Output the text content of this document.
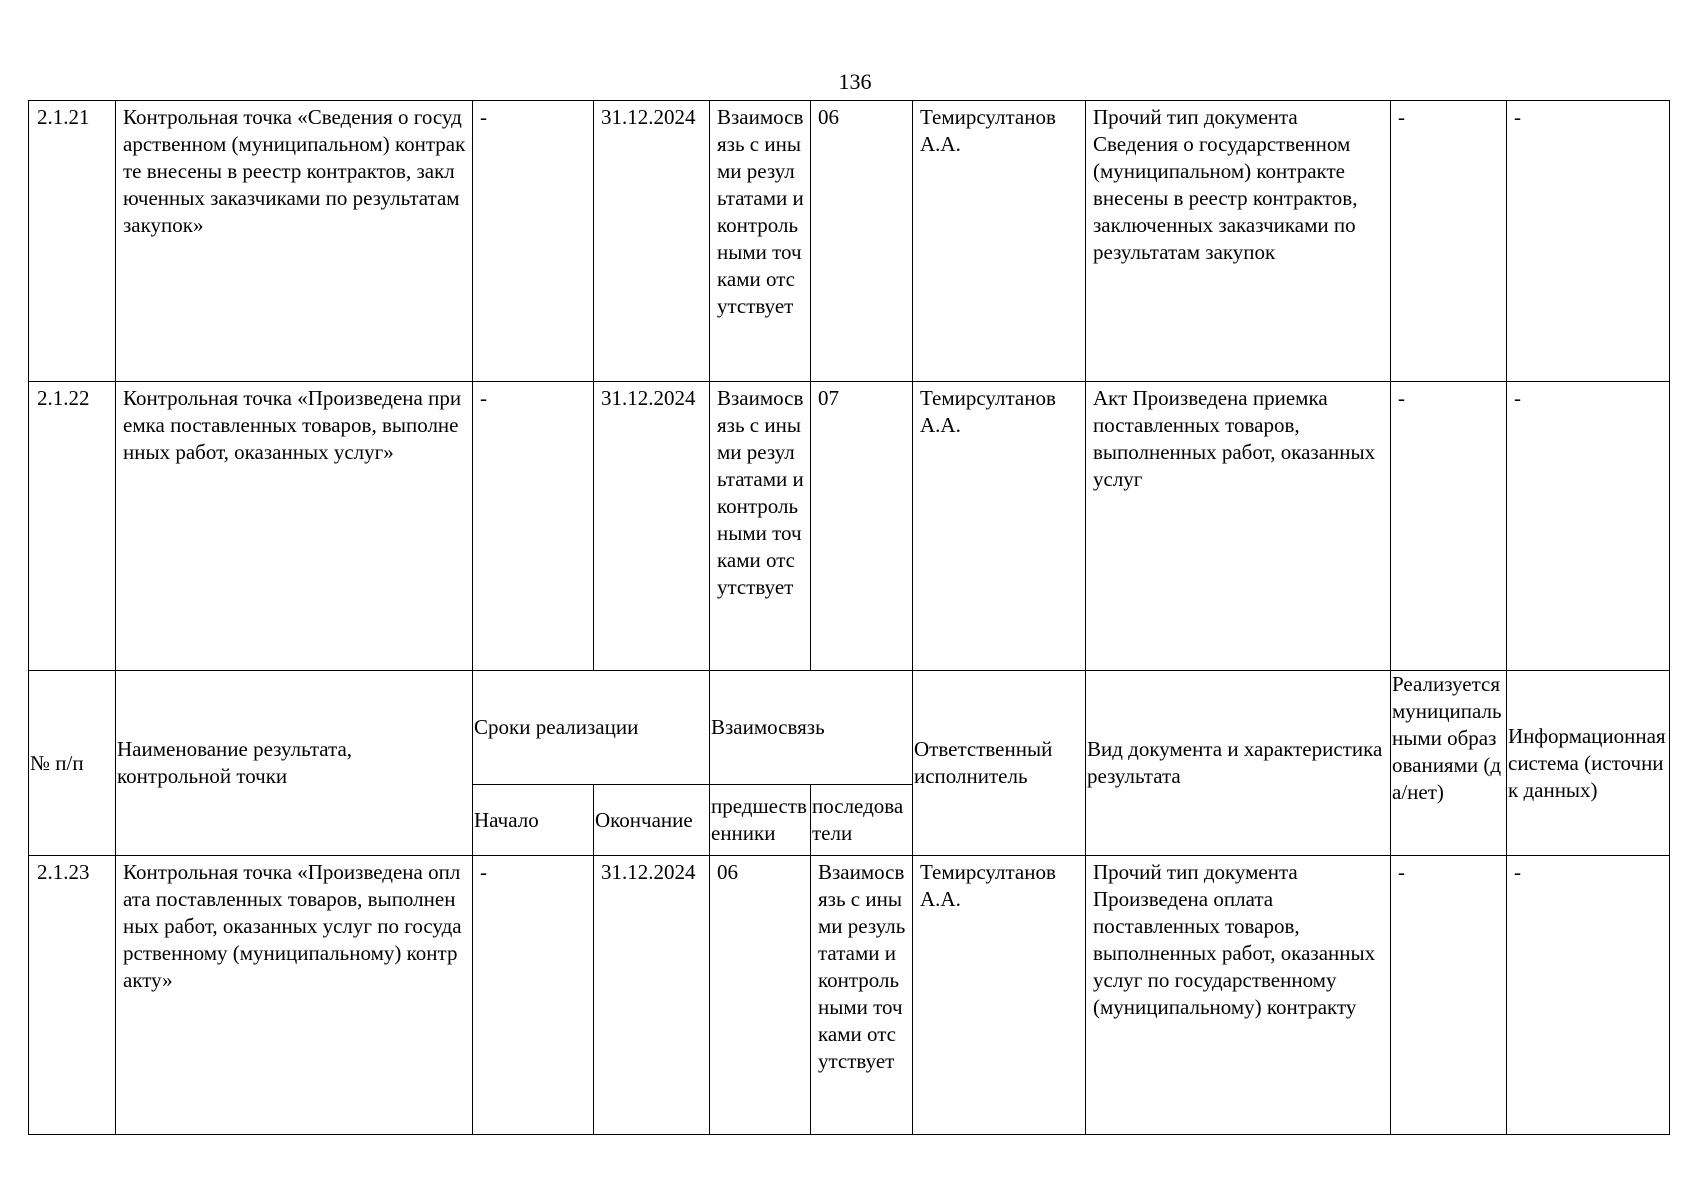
136
2.1.21	Контрольная точка «Сведения о государственном (муниципальном) контракте внесены в реестр контрактов, заключенных заказчиками по результатам закупок»	-	31.12.2024	Взаимосвязь с иными результатами и контрольными точками отсутствует	06	Темирсултанов А.А.	Прочий тип документа Сведения о государственном (муниципальном) контракте внесены в реестр контрактов, заключенных заказчиками по результатам закупок	-	-
2.1.22	Контрольная точка «Произведена приемка поставленных товаров, выполненных работ, оказанных услуг»	-	31.12.2024	Взаимосвязь с иными результатами и контрольными точками отсутствует	07	Темирсултанов А.А.	Акт Произведена приемка поставленных товаров, выполненных работ, оказанных услуг	-	-
№ п/п	Наименование результата, контрольной точки	Сроки реализации		Взаимосвязь		Ответственный исполнитель	Вид документа и характеристика результата	Реализуется муниципальными образованиями (да/нет)	Информационная система (источник данных)
		Начало	Окончание	предшественники	последователи				
2.1.23	Контрольная точка «Произведена оплата поставленных товаров, выполненных работ, оказанных услуг по государственному (муниципальному) контракту»	-	31.12.2024	06	Взаимосвязь с иными результатами и контрольными точками отсутствует	Темирсултанов А.А.	Прочий тип документа Произведена оплата поставленных товаров, выполненных работ, оказанных услуг по государственному (муниципальному) контракту	-	-
